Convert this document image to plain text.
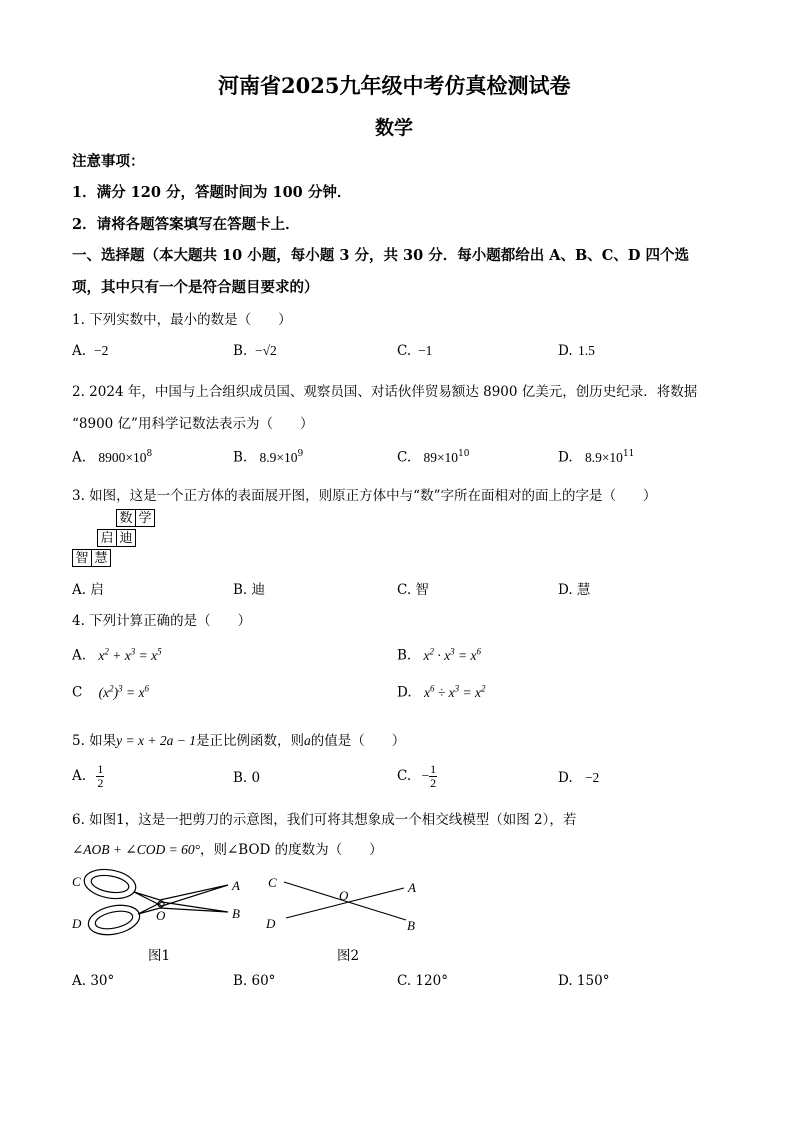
河南省2025九年级中考仿真检测试卷
数学
注意事项：
1．满分 120 分，答题时间为 100 分钟．
2．请将各题答案填写在答题卡上．
一、选择题（本大题共 10 小题，每小题 3 分，共 30 分．每小题都给出 A、B、C、D 四个选
项，其中只有一个是符合题目要求的）
1. 下列实数中，最小的数是（　　）
A. −2	B. −√2	C. −1	D. 1.5
2. 2024 年，中国与上合组织成员国、观察员国、对话伙伴贸易额达 8900 亿美元，创历史纪录．将数据
“8900 亿”用科学记数法表示为（　　）
A. $8900\times 10^8$	B. $8.9\times 10^9$	C. $89\times 10^{10}$	D. $8.9\times 10^{11}$
3. 如图，这是一个正方体的表面展开图，则原正方体中与“数”字所在面相对的面上的字是（　　）
数 学
启 迪
智 慧
A. 启	B. 迪	C. 智	D. 慧
4. 下列计算正确的是（　　）
A. $x^2 + x^3 = x^5$	B. $x^2 \cdot x^3 = x^6$
C $(x^2)^3 = x^6$	D. $x^6 \div x^3 = x^2$
5. 如果y = x + 2a − 1是正比例函数，则a的值是（　　）
A. $\frac{1}{2}$	B. 0	C. − $\frac{1}{2}$	D. −2
6. 如图1，这是一把剪刀的示意图，我们可将其想象成一个相交线模型（如图 2），若
∠AOB + ∠COD = 60°，则∠BOD 的度数为（　　）
C
D
A
B
O
图1
C
D
A
B
O
图2
A. 30°	B. 60°	C. 120°	D. 150°
